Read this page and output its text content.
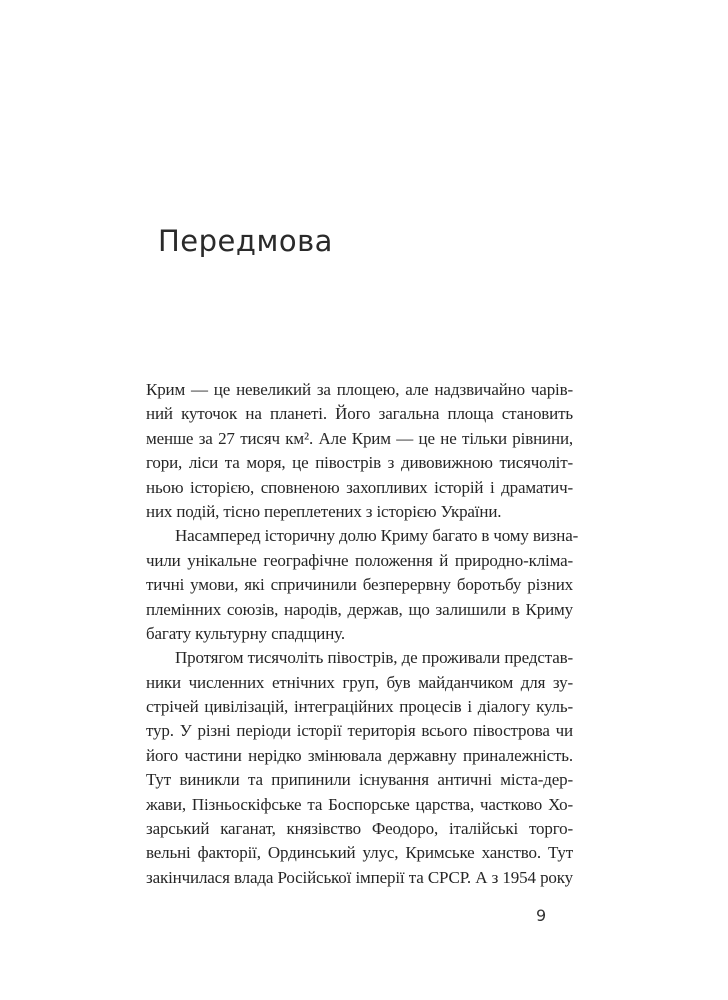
Передмова
Крим — це невеликий за площею, але надзвичайно чарів-
ний куточок на планеті. Його загальна площа становить
менше за 27 тисяч км². Але Крим — це не тільки рівнини,
гори, ліси та моря, це півострів з дивовижною тисячоліт-
ньою історією, сповненою захопливих історій і драматич-
них подій, тісно переплетених з історією України.
Насамперед історичну долю Криму багато в чому визна-
чили унікальне географічне положення й природно-кліма-
тичні умови, які спричинили безперервну боротьбу різних
племінних союзів, народів, держав, що залишили в Криму
багату культурну спадщину.
Протягом тисячоліть півострів, де проживали представ-
ники численних етнічних груп, був майданчиком для зу-
стрічей цивілізацій, інтеграційних процесів і діалогу куль-
тур. У різні періоди історії територія всього півострова чи
його частини нерідко змінювала державну приналежність.
Тут виникли та припинили існування античні міста-дер-
жави, Пізньоскіфське та Боспорське царства, частково Хо-
зарський каганат, князівство Феодоро, італійські торго-
вельні факторії, Ординський улус, Кримське ханство. Тут
закінчилася влада Російської імперії та СРСР. А з 1954 року
9
